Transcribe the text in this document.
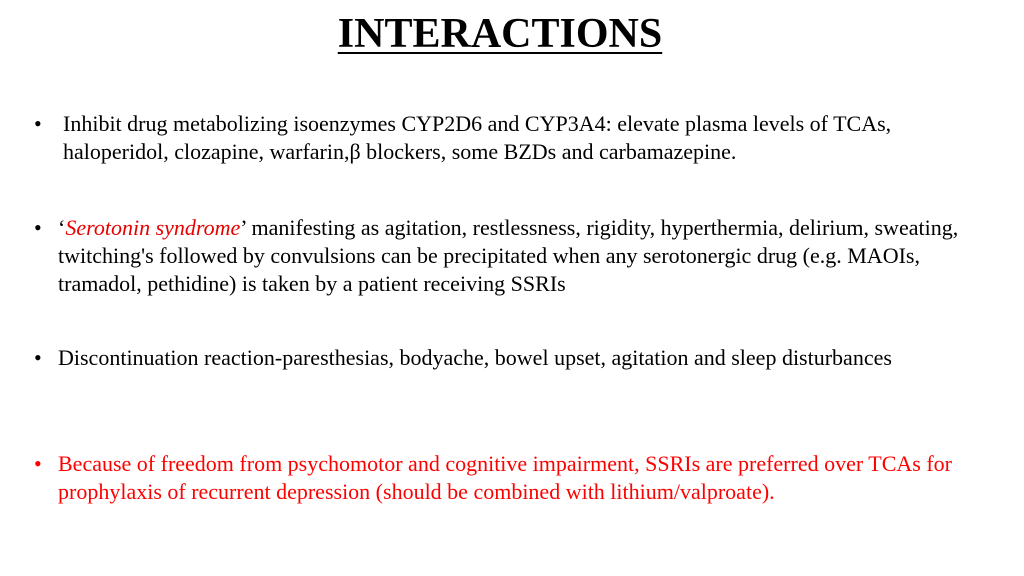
INTERACTIONS
• Inhibit drug metabolizing isoenzymes CYP2D6 and CYP3A4: elevate plasma levels of TCAs, haloperidol, clozapine, warfarin,β blockers, some BZDs and carbamazepine.
• ‘Serotonin syndrome’ manifesting as agitation, restlessness, rigidity, hyperthermia, delirium, sweating, twitching's followed by convulsions can be precipitated when any serotonergic drug (e.g. MAOIs, tramadol, pethidine) is taken by a patient receiving SSRIs
• Discontinuation reaction-paresthesias, bodyache, bowel upset, agitation and sleep disturbances
• Because of freedom from psychomotor and cognitive impairment, SSRIs are preferred over TCAs for prophylaxis of recurrent depression (should be combined with lithium/valproate).
